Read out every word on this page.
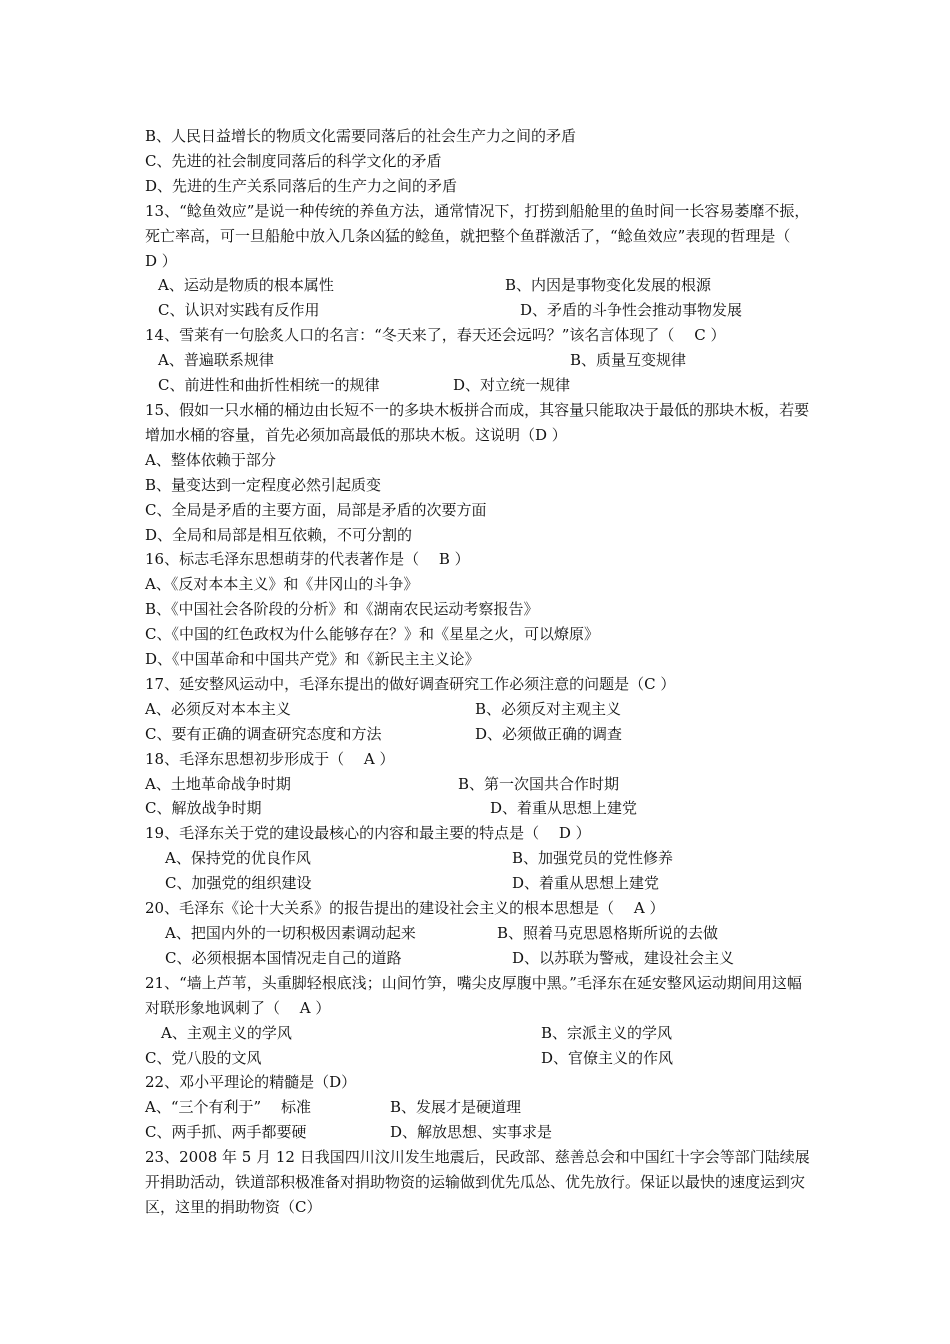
B、人民日益增长的物质文化需要同落后的社会生产力之间的矛盾
C、先进的社会制度同落后的科学文化的矛盾
D、先进的生产关系同落后的生产力之间的矛盾
13、“鲶鱼效应”是说一种传统的养鱼方法，通常情况下，打捞到船舱里的鱼时间一长容易萎靡不振，死亡率高，可一旦船舱中放入几条凶猛的鲶鱼，就把整个鱼群激活了，“鲶鱼效应”表现的哲理是（　D ）
A、运动是物质的根本属性	B、内因是事物变化发展的根源
C、认识对实践有反作用	D、矛盾的斗争性会推动事物发展
14、雪莱有一句脍炙人口的名言：“冬天来了，春天还会远吗？”该名言体现了（　 C ）
A、普遍联系规律	B、质量互变规律
C、前进性和曲折性相统一的规律	D、对立统一规律
15、假如一只水桶的桶边由长短不一的多块木板拼合而成，其容量只能取决于最低的那块木板，若要增加水桶的容量，首先必须加高最低的那块木板。这说明（D ）
A、整体依赖于部分
B、量变达到一定程度必然引起质变
C、全局是矛盾的主要方面，局部是矛盾的次要方面
D、全局和局部是相互依赖，不可分割的
16、标志毛泽东思想萌芽的代表著作是（　 B ）
A、《反对本本主义》和《井冈山的斗争》
B、《中国社会各阶段的分析》和《湖南农民运动考察报告》
C、《中国的红色政权为什么能够存在？》和《星星之火，可以燎原》
D、《中国革命和中国共产党》和《新民主主义论》
17、延安整风运动中，毛泽东提出的做好调查研究工作必须注意的问题是（C ）
A、必须反对本本主义	B、必须反对主观主义
C、要有正确的调查研究态度和方法	D、必须做正确的调查
18、毛泽东思想初步形成于（　 A ）
A、土地革命战争时期	B、第一次国共合作时期
C、解放战争时期	D、着重从思想上建党
19、毛泽东关于党的建设最核心的内容和最主要的特点是（　 D ）
A、保持党的优良作风	B、加强党员的党性修养
C、加强党的组织建设	D、着重从思想上建党
20、毛泽东《论十大关系》的报告提出的建设社会主义的根本思想是（　 A ）
A、把国内外的一切积极因素调动起来	B、照着马克思恩格斯所说的去做
C、必须根据本国情况走自己的道路	D、以苏联为警戒，建设社会主义
21、“墙上芦苇，头重脚轻根底浅；山间竹笋，嘴尖皮厚腹中黑。”毛泽东在延安整风运动期间用这幅对联形象地讽刺了（　 A ）
A、主观主义的学风	B、宗派主义的学风
C、党八股的文风	D、官僚主义的作风
22、邓小平理论的精髓是（D）
A、“三个有利于”　 标准	B、发展才是硬道理
C、两手抓、两手都要硬	D、解放思想、实事求是
23、2008 年 5 月 12 日我国四川汶川发生地震后，民政部、慈善总会和中国红十字会等部门陆续展开捐助活动，铁道部积极准备对捐助物资的运输做到优先瓜怂、优先放行。保证以最快的速度运到灾区，这里的捐助物资（C）
